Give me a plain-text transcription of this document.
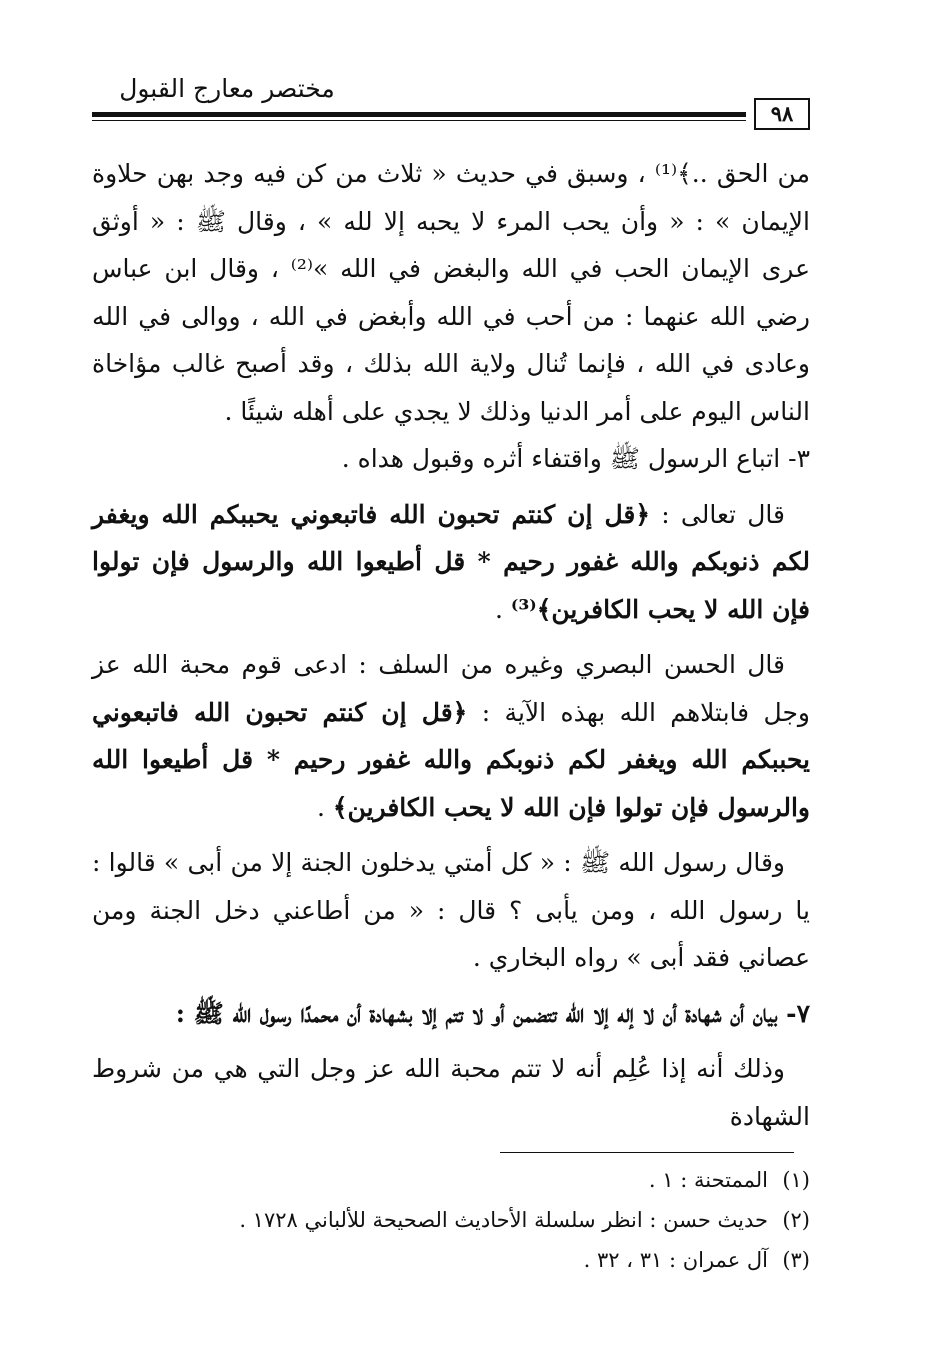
مختصر معارج القبول
٩٨

من الحق ..﴾⁽¹⁾ ، وسبق في حديث « ثلاث من كن فيه وجد بهن حلاوة الإيمان » : « وأن يحب المرء لا يحبه إلا لله » ، وقال ﷺ : « أوثق عرى الإيمان الحب في الله والبغض في الله »⁽²⁾ ، وقال ابن عباس رضي الله عنهما : من أحب في الله وأبغض في الله ، ووالى في الله وعادى في الله ، فإنما تُنال ولاية الله بذلك ، وقد أصبح غالب مؤاخاة الناس اليوم على أمر الدنيا وذلك لا يجدي على أهله شيئًا .

٣- اتباع الرسول ﷺ واقتفاء أثره وقبول هداه .

قال تعالى : ﴿قل إن كنتم تحبون الله فاتبعوني يحببكم الله ويغفر لكم ذنوبكم والله غفور رحيم * قل أطيعوا الله والرسول فإن تولوا فإن الله لا يحب الكافرين﴾⁽³⁾ .

قال الحسن البصري وغيره من السلف : ادعى قوم محبة الله عز وجل فابتلاهم الله بهذه الآية : ﴿قل إن كنتم تحبون الله فاتبعوني يحببكم الله ويغفر لكم ذنوبكم والله غفور رحيم * قل أطيعوا الله والرسول فإن تولوا فإن الله لا يحب الكافرين﴾ .

وقال رسول الله ﷺ : « كل أمتي يدخلون الجنة إلا من أبى » قالوا : يا رسول الله ، ومن يأبى ؟ قال : « من أطاعني دخل الجنة ومن عصاني فقد أبى » رواه البخاري .

٧- بيان أن شهادة أن لا إله إلا الله تتضمن أو لا تتم إلا بشهادة أن محمدًا رسول الله ﷺ :

وذلك أنه إذا عُلِم أنه لا تتم محبة الله عز وجل التي هي من شروط الشهادة

(١)الممتحنة : ١ .
(٢)حديث حسن : انظر سلسلة الأحاديث الصحيحة للألباني ١٧٢٨ .
(٣)آل عمران : ٣١ ، ٣٢ .
